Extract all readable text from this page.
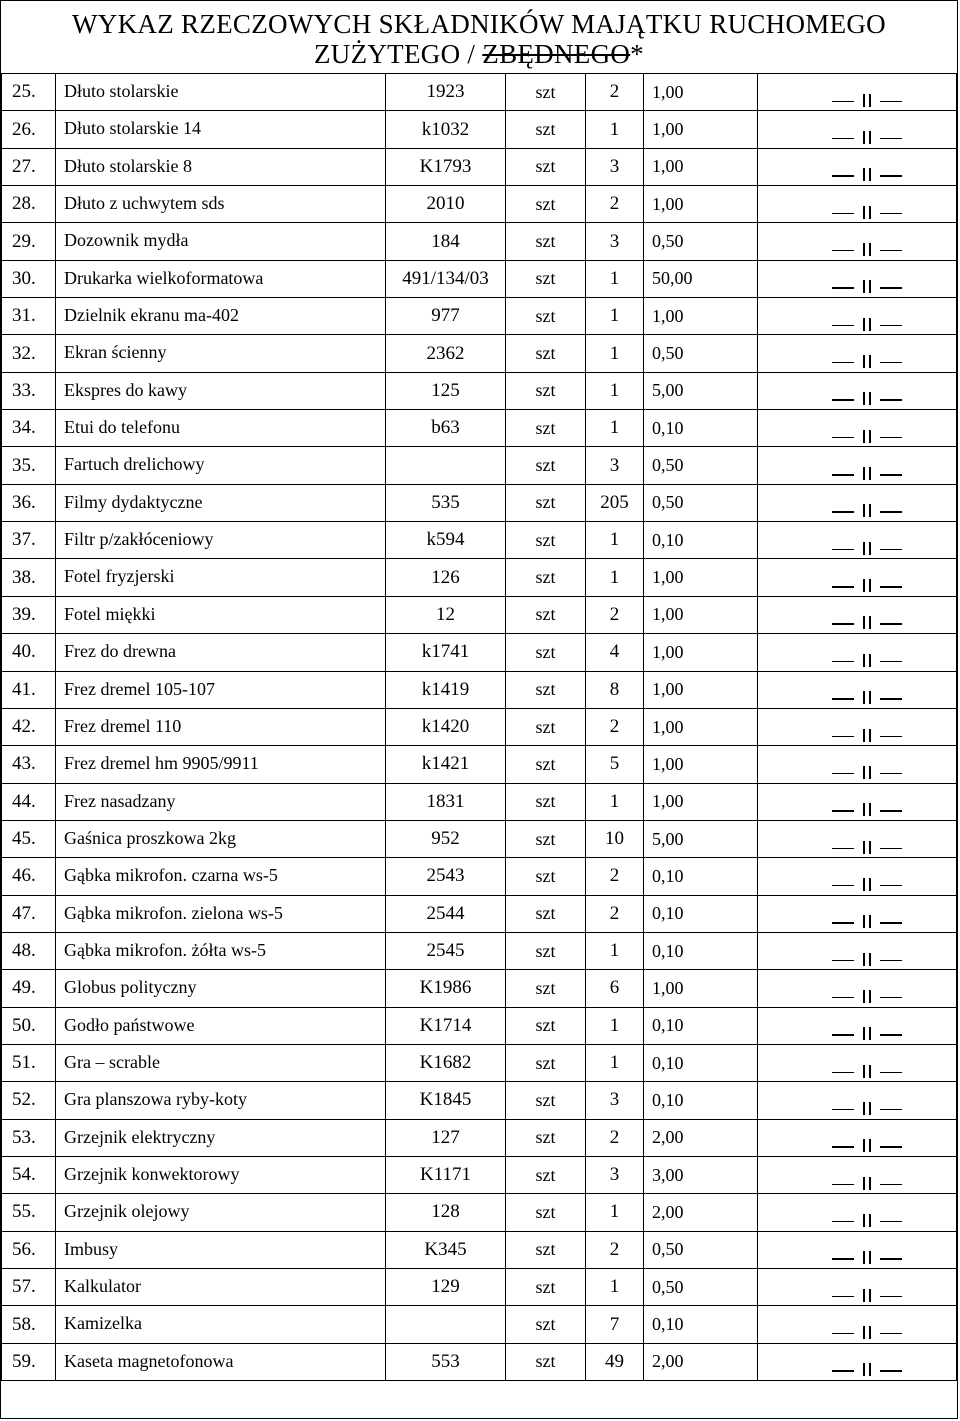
WYKAZ RZECZOWYCH SKŁADNIKÓW MAJĄTKU RUCHOMEGO
ZUŻYTEGO / ZBĘDNEGO*
25.	Dłuto stolarskie	1923	szt	2	1,00	

26.	Dłuto stolarskie 14	k1032	szt	1	1,00	

27.	Dłuto stolarskie 8	K1793	szt	3	1,00	

28.	Dłuto z uchwytem sds	2010	szt	2	1,00	

29.	Dozownik mydła	184	szt	3	0,50	

30.	Drukarka wielkoformatowa	491/134/03	szt	1	50,00	

31.	Dzielnik ekranu ma-402	977	szt	1	1,00	

32.	Ekran ścienny	2362	szt	1	0,50	

33.	Ekspres do kawy	125	szt	1	5,00	

34.	Etui do telefonu	b63	szt	1	0,10	

35.	Fartuch drelichowy		szt	3	0,50	

36.	Filmy dydaktyczne	535	szt	205	0,50	

37.	Filtr p/zakłóceniowy	k594	szt	1	0,10	

38.	Fotel fryzjerski	126	szt	1	1,00	

39.	Fotel miękki	12	szt	2	1,00	

40.	Frez do drewna	k1741	szt	4	1,00	

41.	Frez dremel 105-107	k1419	szt	8	1,00	

42.	Frez dremel 110	k1420	szt	2	1,00	

43.	Frez dremel hm 9905/9911	k1421	szt	5	1,00	

44.	Frez nasadzany	1831	szt	1	1,00	

45.	Gaśnica proszkowa 2kg	952	szt	10	5,00	

46.	Gąbka mikrofon. czarna ws-5	2543	szt	2	0,10	

47.	Gąbka mikrofon. zielona ws-5	2544	szt	2	0,10	

48.	Gąbka mikrofon. żółta ws-5	2545	szt	1	0,10	

49.	Globus polityczny	K1986	szt	6	1,00	

50.	Godło państwowe	K1714	szt	1	0,10	

51.	Gra – scrable	K1682	szt	1	0,10	

52.	Gra planszowa ryby-koty	K1845	szt	3	0,10	

53.	Grzejnik elektryczny	127	szt	2	2,00	

54.	Grzejnik konwektorowy	K1171	szt	3	3,00	

55.	Grzejnik olejowy	128	szt	1	2,00	

56.	Imbusy	K345	szt	2	0,50	

57.	Kalkulator	129	szt	1	0,50	

58.	Kamizelka		szt	7	0,10	

59.	Kaseta magnetofonowa	553	szt	49	2,00	
